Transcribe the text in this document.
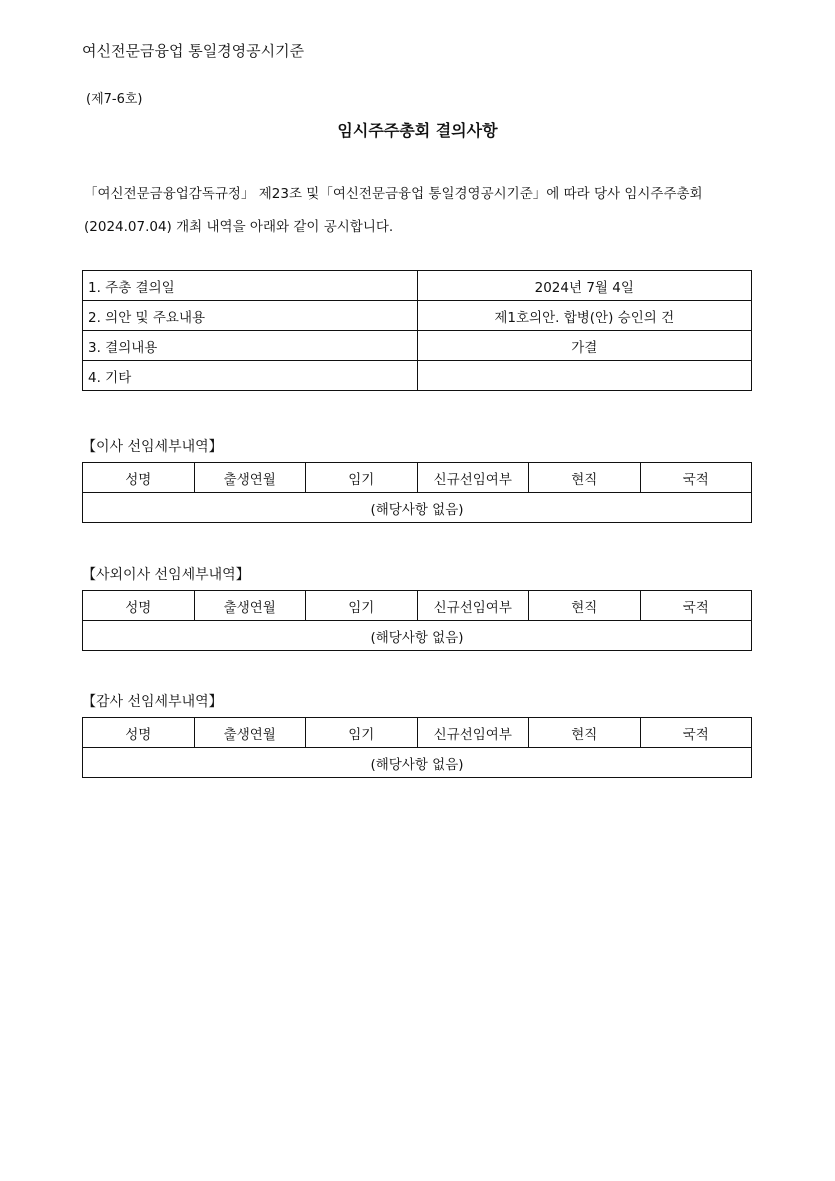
여신전문금융업 통일경영공시기준
(제7-6호)
임시주주총회 결의사항
「여신전문금융업감독규정」 제23조 및「여신전문금융업 통일경영공시기준」에 따라 당사 임시주주총회
(2024.07.04) 개최 내역을 아래와 같이 공시합니다.
1. 주총 결의일	2024년 7월 4일
2. 의안 및 주요내용	제1호의안. 합병(안) 승인의 건
3. 결의내용	가결
4. 기타	
【이사 선임세부내역】
성명	출생연월	임기	신규선임여부	현직	국적
(해당사항 없음)
【사외이사 선임세부내역】
성명	출생연월	임기	신규선임여부	현직	국적
(해당사항 없음)
【감사 선임세부내역】
성명	출생연월	임기	신규선임여부	현직	국적
(해당사항 없음)
